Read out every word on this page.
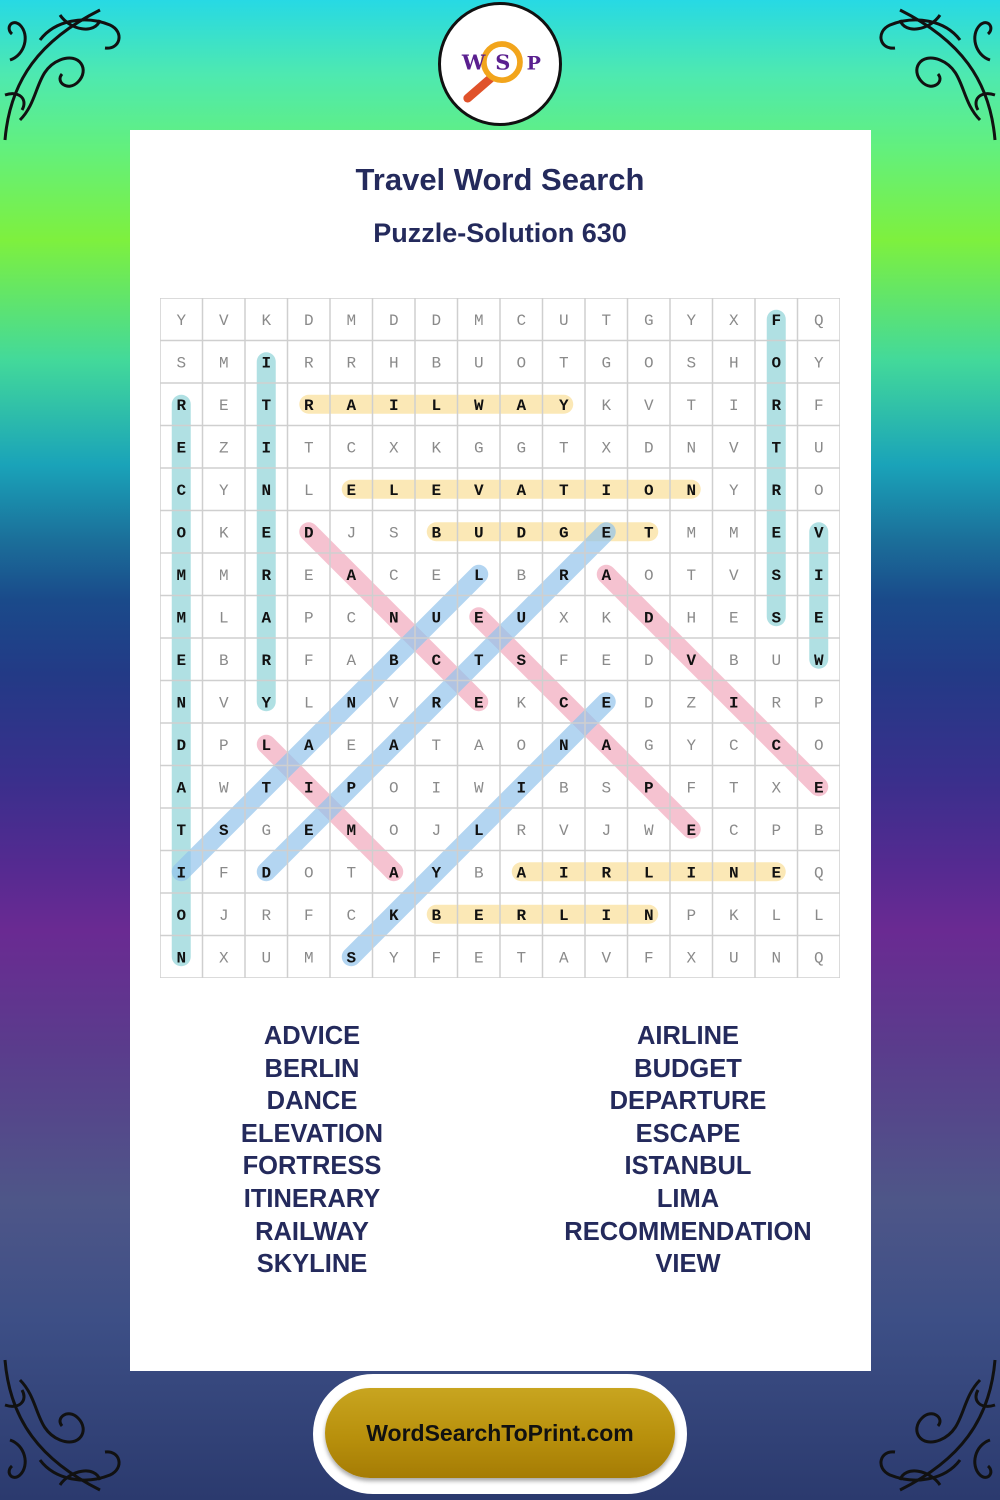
W S P
Travel Word Search
Puzzle-Solution 630
Y V K D M D D M C U T G Y X F Q
S M I R R H B U O T G O S H O Y
R E T R A I L W A Y K V T I R F
E Z I T C X K G G T X D N V T U
C Y N L E L E V A T I O N Y R O
O K E D J S B U D G E T M M E V
M M R E A C E L B R A O T V S I
M L A P C N U E U X K D H E S E
E B R F A B C T S F E D V B U W
N V Y L N V R E K C E D Z I R P
D P L A E A T A O N A G Y C C O
A W T I P O I W I B S P F T X E
T S G E M O J L R V J W E C P B
I F D O T A Y B A I R L I N E Q
O J R F C K B E R L I N P K L L
N X U M S Y F E T A V F X U N Q
ADVICE
BERLIN
DANCE
ELEVATION
FORTRESS
ITINERARY
RAILWAY
SKYLINE
AIRLINE
BUDGET
DEPARTURE
ESCAPE
ISTANBUL
LIMA
RECOMMENDATION
VIEW
WordSearchToPrint.com
